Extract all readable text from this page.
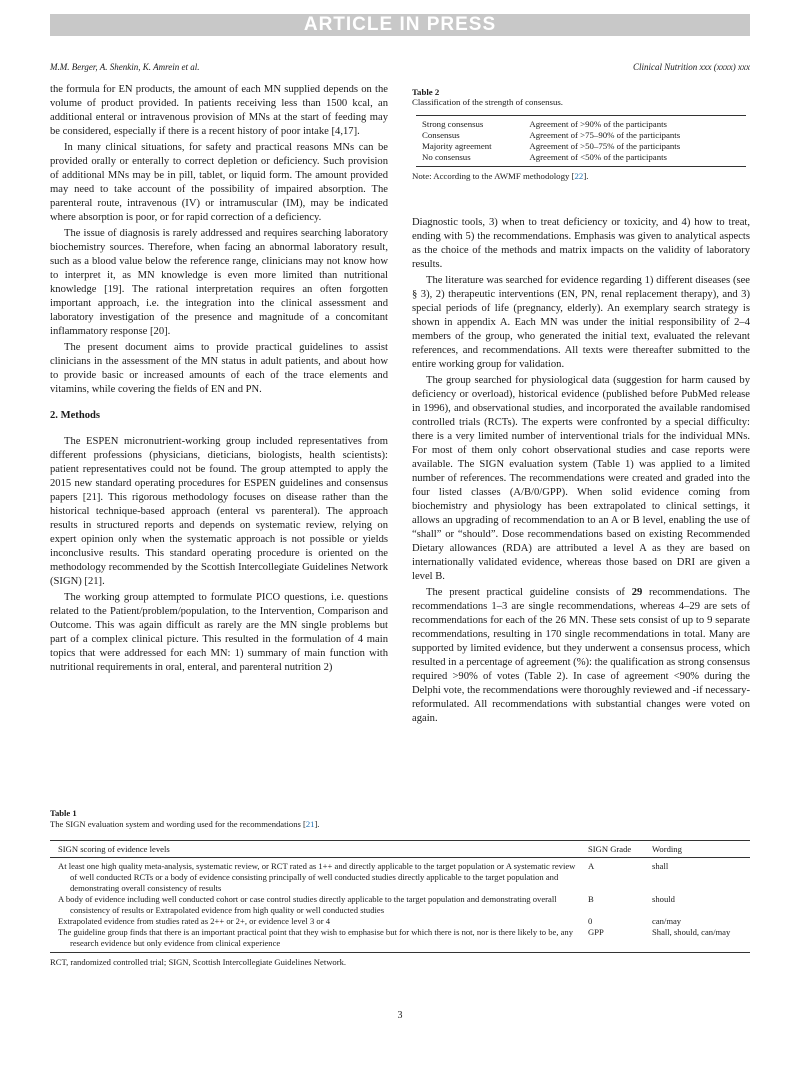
ARTICLE IN PRESS
M.M. Berger, A. Shenkin, K. Amrein et al.	Clinical Nutrition xxx (xxxx) xxx

the formula for EN products, the amount of each MN supplied depends on the volume of product provided. In patients receiving less than 1500 kcal, an additional enteral or intravenous provision of MNs at the start of feeding may be considered, especially if there is a recent history of poor intake [4,17].

In many clinical situations, for safety and practical reasons MNs can be provided orally or enterally to correct depletion or deficiency. Such provision of additional MNs may be in pill, tablet, or liquid form. The amount provided may need to take account of the possibility of impaired absorption. The parenteral route, intravenous (IV) or intramuscular (IM), may be indicated where absorption is poor, or for rapid correction of a deficiency.

The issue of diagnosis is rarely addressed and requires searching laboratory biochemistry sources. Therefore, when facing an abnormal laboratory result, such as a blood value below the reference range, clinicians may not know how to interpret it, as MN knowledge is even more limited than nutritional knowledge [19]. The rational interpretation requires an often forgotten important approach, i.e. the integration into the clinical assessment and laboratory investigation of the presence and magnitude of a concomitant inflammatory response [20].

The present document aims to provide practical guidelines to assist clinicians in the assessment of the MN status in adult patients, and about how to provide basic or increased amounts of each of the trace elements and vitamins, while covering the fields of EN and PN.

2. Methods

The ESPEN micronutrient-working group included representatives from different professions (physicians, dieticians, biologists, health scientists): patient representatives could not be found. The group attempted to apply the 2015 new standard operating procedures for ESPEN guidelines and consensus papers [21]. This rigorous methodology focuses on disease rather than the historical technique-based approach (enteral vs parenteral). The approach results in structured reports and depends on systematic review, relying on expert opinion only when the systematic approach is not possible or yields inconclusive results. This standard operating procedure is oriented on the methodology recommended by the Scottish Intercollegiate Guidelines Network (SIGN) [21].

The working group attempted to formulate PICO questions, i.e. questions related to the Patient/problem/population, to the Intervention, Comparison and Outcome. This was again difficult as rarely are the MN single problems but part of a complex clinical picture. This resulted in the formulation of 4 main topics that were addressed for each MN: 1) summary of main function with nutritional requirements in oral, enteral, and parenteral nutrition 2)

Table 2
Classification of the strength of consensus.
Strong consensus	Agreement of >90% of the participants
Consensus	Agreement of >75–90% of the participants
Majority agreement	Agreement of >50–75% of the participants
No consensus	Agreement of <50% of the participants
Note: According to the AWMF methodology [22].

Diagnostic tools, 3) when to treat deficiency or toxicity, and 4) how to treat, ending with 5) the recommendations. Emphasis was given to analytical aspects as the choice of the methods and matrix impacts on the validity of laboratory results.

The literature was searched for evidence regarding 1) different diseases (see § 3), 2) therapeutic interventions (EN, PN, renal replacement therapy), and 3) special periods of life (pregnancy, elderly). An exemplary search strategy is shown in appendix A. Each MN was under the initial responsibility of 2–4 members of the group, who generated the initial text, evaluated the relevant references, and recommendations. All texts were thereafter submitted to the entire working group for validation.

The group searched for physiological data (suggestion for harm caused by deficiency or overload), historical evidence (published before PubMed release in 1996), and observational studies, and incorporated the available randomised controlled trials (RCTs). The experts were confronted by a special difficulty: there is a very limited number of interventional trials for the individual MNs. For most of them only cohort observational studies and case reports were available. The SIGN evaluation system (Table 1) was applied to a limited number of references. The recommendations were created and graded into the four listed classes (A/B/0/GPP). When solid evidence coming from biochemistry and physiology has been extrapolated to clinical settings, it allows an upgrading of recommendation to an A or B level, enabling the use of “shall” or “should”. Dose recommendations based on existing Recommended Dietary allowances (RDA) are attributed a level A as they are based on internationally validated evidence, whereas those based on DRI are given a level B.

The present practical guideline consists of 29 recommendations. The recommendations 1–3 are single recommendations, whereas 4–29 are sets of recommendations for each of the 26 MN. These sets consist of up to 9 separate recommendations, resulting in 170 single recommendations in total. Many are supported by limited evidence, but they underwent a consensus process, which resulted in a percentage of agreement (%): the qualification as strong consensus required >90% of votes (Table 2). In case of agreement <90% during the Delphi vote, the recommendations were thoroughly reviewed and -if necessary-reformulated. All recommendations with substantial changes were voted on again.

Table 1
The SIGN evaluation system and wording used for the recommendations [21].
SIGN scoring of evidence levels	SIGN Grade	Wording
At least one high quality meta-analysis, systematic review, or RCT rated as 1++ and directly applicable to the target population or A systematic review of well conducted RCTs or a body of evidence consisting principally of well conducted studies directly applicable to the target population and demonstrating overall consistency of results	A	shall
A body of evidence including well conducted cohort or case control studies directly applicable to the target population and demonstrating overall consistency of results or Extrapolated evidence from high quality or well conducted studies	B	should
Extrapolated evidence from studies rated as 2++ or 2+, or evidence level 3 or 4	0	can/may
The guideline group finds that there is an important practical point that they wish to emphasise but for which there is not, nor is there likely to be, any research evidence but only evidence from clinical experience	GPP	Shall, should, can/may
RCT, randomized controlled trial; SIGN, Scottish Intercollegiate Guidelines Network.
3
